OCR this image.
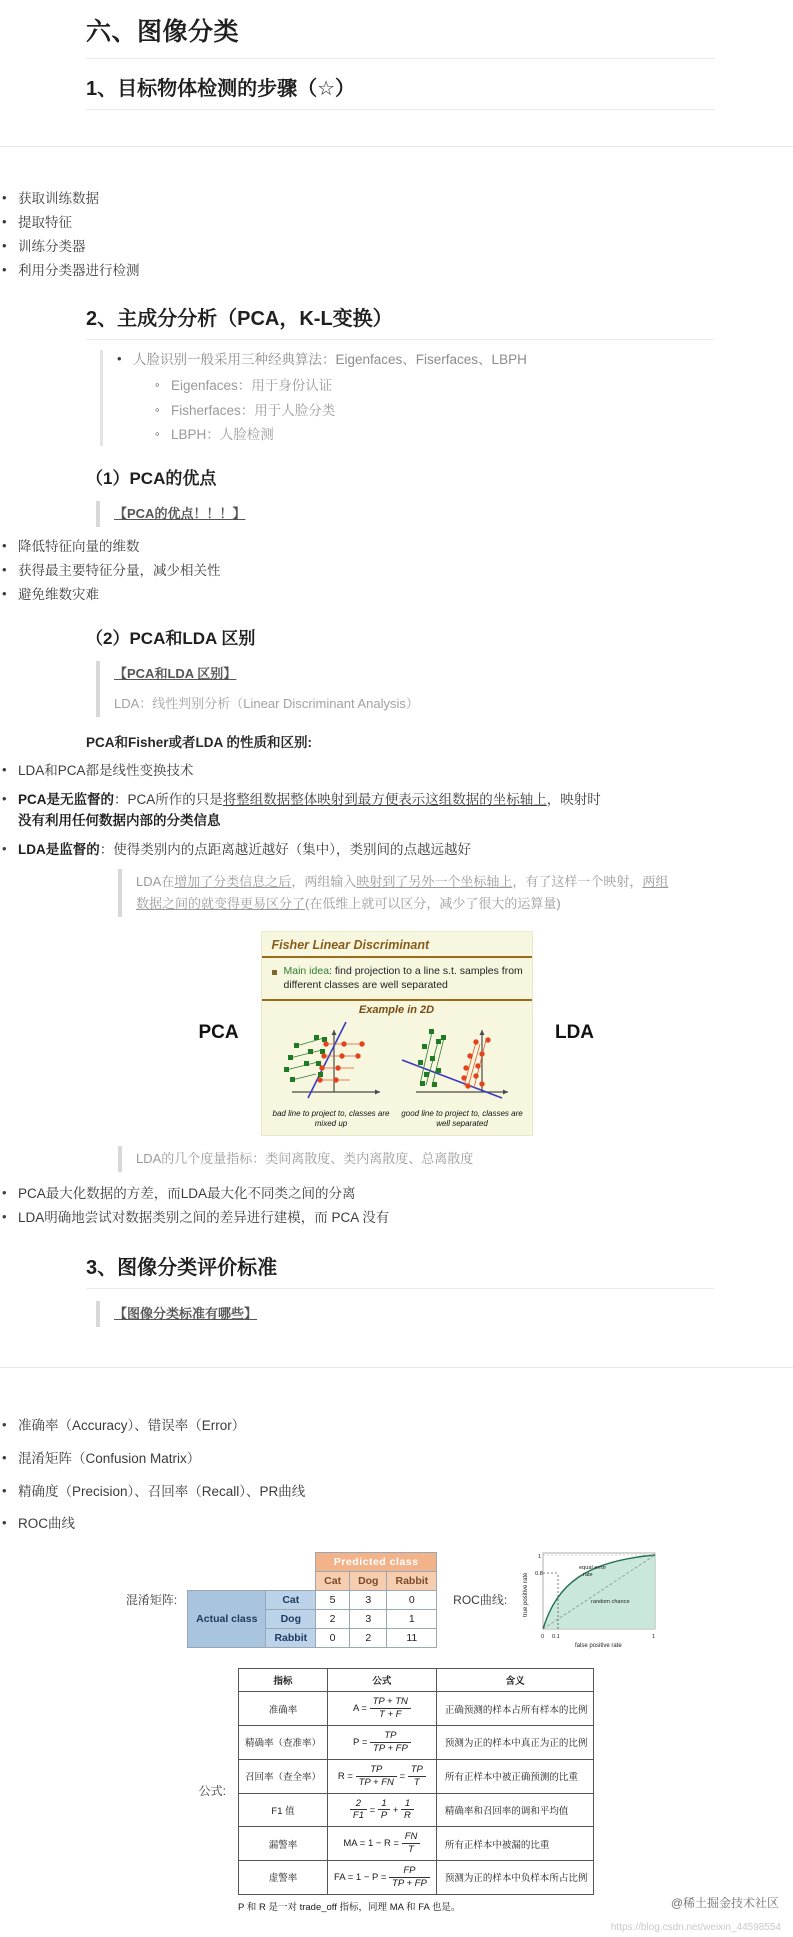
六、图像分类
1、目标物体检测的步骤（☆）
• 获取训练数据
• 提取特征
• 训练分类器
• 利用分类器进行检测
2、主成分分析（PCA，K-L变换）
• 人脸识别一般采用三种经典算法：Eigenfaces、Fiserfaces、LBPH
◦ Eigenfaces：用于身份认证
◦ Fisherfaces：用于人脸分类
◦ LBPH：人脸检测
（1）PCA的优点
【PCA的优点！！！】
• 降低特征向量的维数
• 获得最主要特征分量，减少相关性
• 避免维数灾难
（2）PCA和LDA 区别
【PCA和LDA 区别】
LDA：线性判别分析（Linear Discriminant Analysis）
PCA和Fisher或者LDA 的性质和区别:
• LDA和PCA都是线性变换技术
• PCA是无监督的：PCA所作的只是将整组数据整体映射到最方便表示这组数据的坐标轴上，映射时
没有利用任何数据内部的分类信息
• LDA是监督的：使得类别内的点距离越近越好（集中），类别间的点越远越好
LDA在增加了分类信息之后，两组输入映射到了另外一个坐标轴上，有了这样一个映射，两组数据之间的就变得更易区分了(在低维上就可以区分，减少了很大的运算量)
PCA
Fisher Linear Discriminant
Main idea: find projection to a line s.t. samples from different classes are well separated
Example in 2D
bad line to project to, classes are mixed up
good line to project to, classes are well separated
LDA
LDA的几个度量指标：类间离散度、类内离散度、总离散度
• PCA最大化数据的方差，而LDA最大化不同类之间的分离
• LDA明确地尝试对数据类别之间的差异进行建模，而 PCA 没有
3、图像分类评价标准
【图像分类标准有哪些】
• 准确率（Accuracy）、错误率（Error）
• 混淆矩阵（Confusion Matrix）
• 精确度（Precision）、召回率（Recall）、PR曲线
• ROC曲线
混淆矩阵:
		Predicted class		
		Cat	Dog	Rabbit
Actual class	Cat	5	3	0
	Dog	2	3	1
	Rabbit	0	2	11
ROC曲线:
equal error
rate
random chance
0.8
1
0 0.1	1
false positive rate
true positive rate
公式:
指标	公式	含义
准确率	$A = \frac{TP + TN}{T + F}$	正确预测的样本占所有样本的比例
精确率（查准率）	$P = \frac{TP}{TP + FP}$	预测为正的样本中真正为正的比例
召回率（查全率）	$R = \frac{TP}{TP + FN} = \frac{TP}{T}$	所有正样本中被正确预测的比重
F1 值	$\frac{2}{F1} = \frac{1}{P} + \frac{1}{R}$	精确率和召回率的调和平均值
漏警率	MA = $1 - R = \frac{FN}{T}$	所有正样本中被漏的比重
虚警率	FA = $1 - P = \frac{FP}{TP + FP}$	预测为正的样本中负样本所占比例
P 和 R 是一对 trade_off 指标，同理 MA 和 FA 也是。	@稀土掘金技术社区
https://blog.csdn.net/weixin_44598554
